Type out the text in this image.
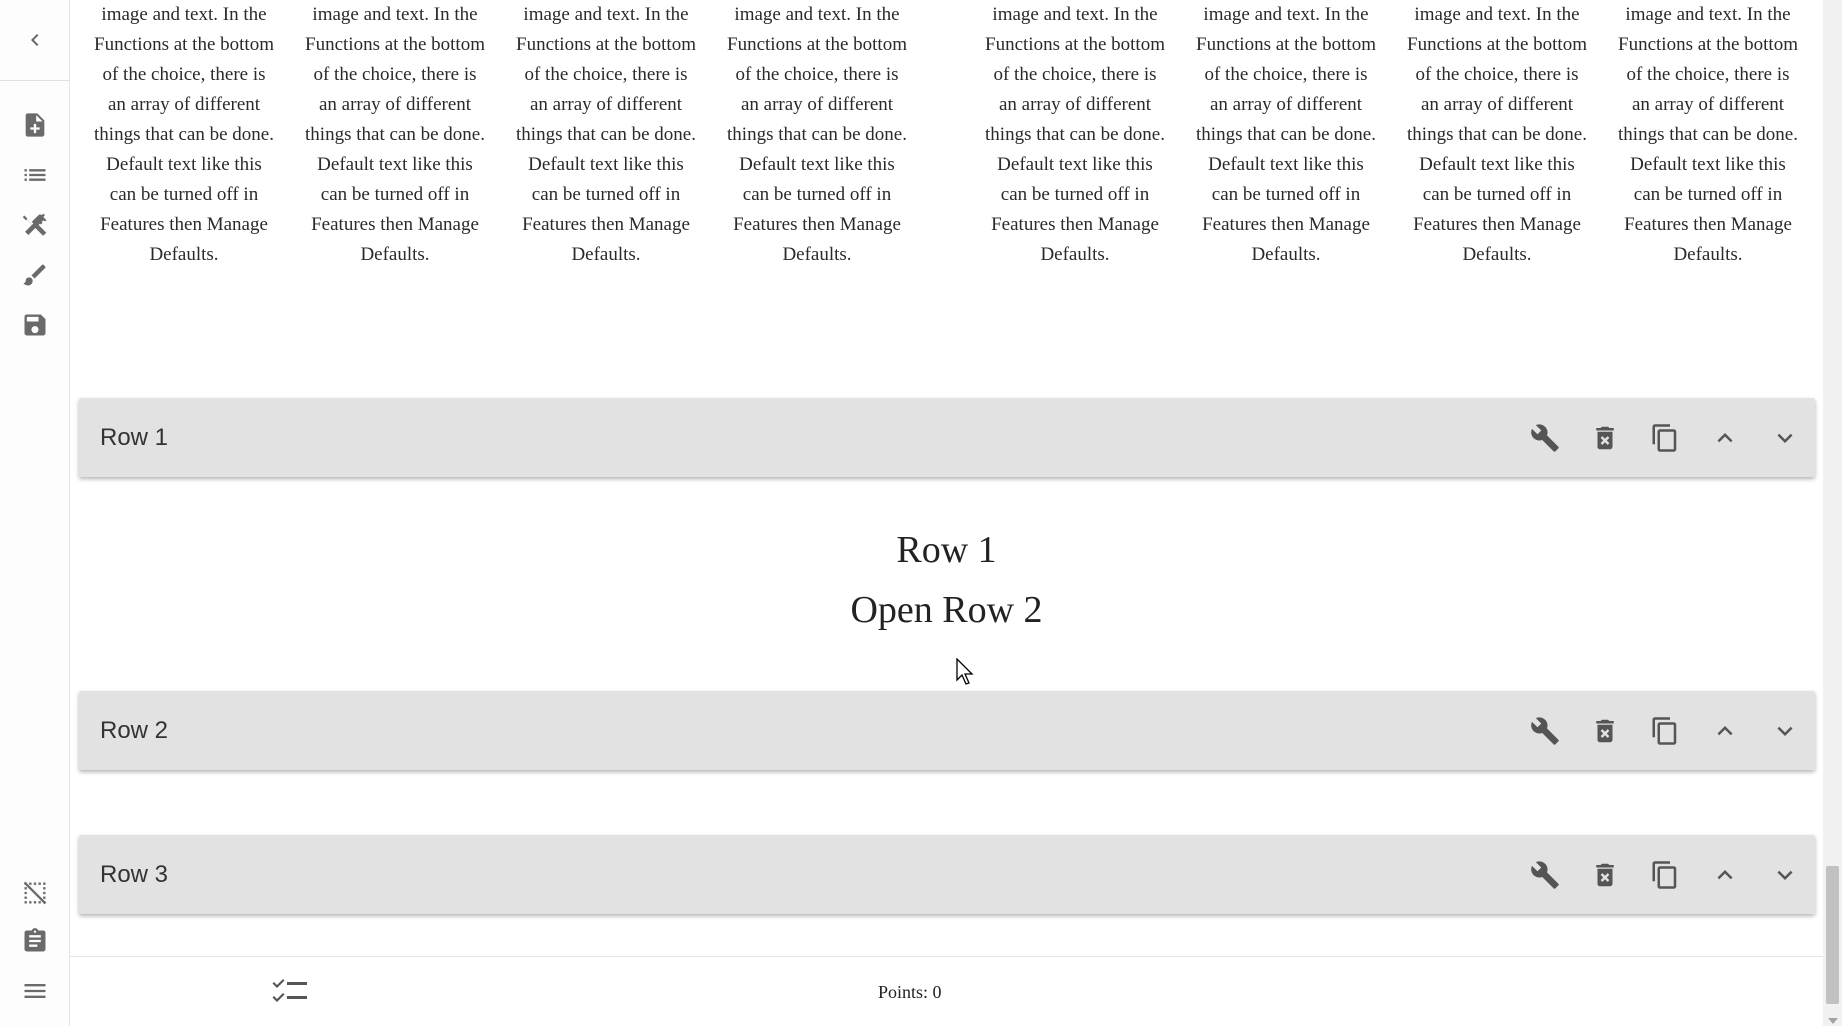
image and text. In the Functions at the bottom of the choice, there is an array of different things that can be done. Default text like this can be turned off in Features then Manage Defaults.
image and text. In the Functions at the bottom of the choice, there is an array of different things that can be done. Default text like this can be turned off in Features then Manage Defaults.
image and text. In the Functions at the bottom of the choice, there is an array of different things that can be done. Default text like this can be turned off in Features then Manage Defaults.
image and text. In the Functions at the bottom of the choice, there is an array of different things that can be done. Default text like this can be turned off in Features then Manage Defaults.
image and text. In the Functions at the bottom of the choice, there is an array of different things that can be done. Default text like this can be turned off in Features then Manage Defaults.
image and text. In the Functions at the bottom of the choice, there is an array of different things that can be done. Default text like this can be turned off in Features then Manage Defaults.
image and text. In the Functions at the bottom of the choice, there is an array of different things that can be done. Default text like this can be turned off in Features then Manage Defaults.
image and text. In the Functions at the bottom of the choice, there is an array of different things that can be done. Default text like this can be turned off in Features then Manage Defaults.
Row 1
Row 1
Open Row 2
Row 2
Row 3
Points: 0
